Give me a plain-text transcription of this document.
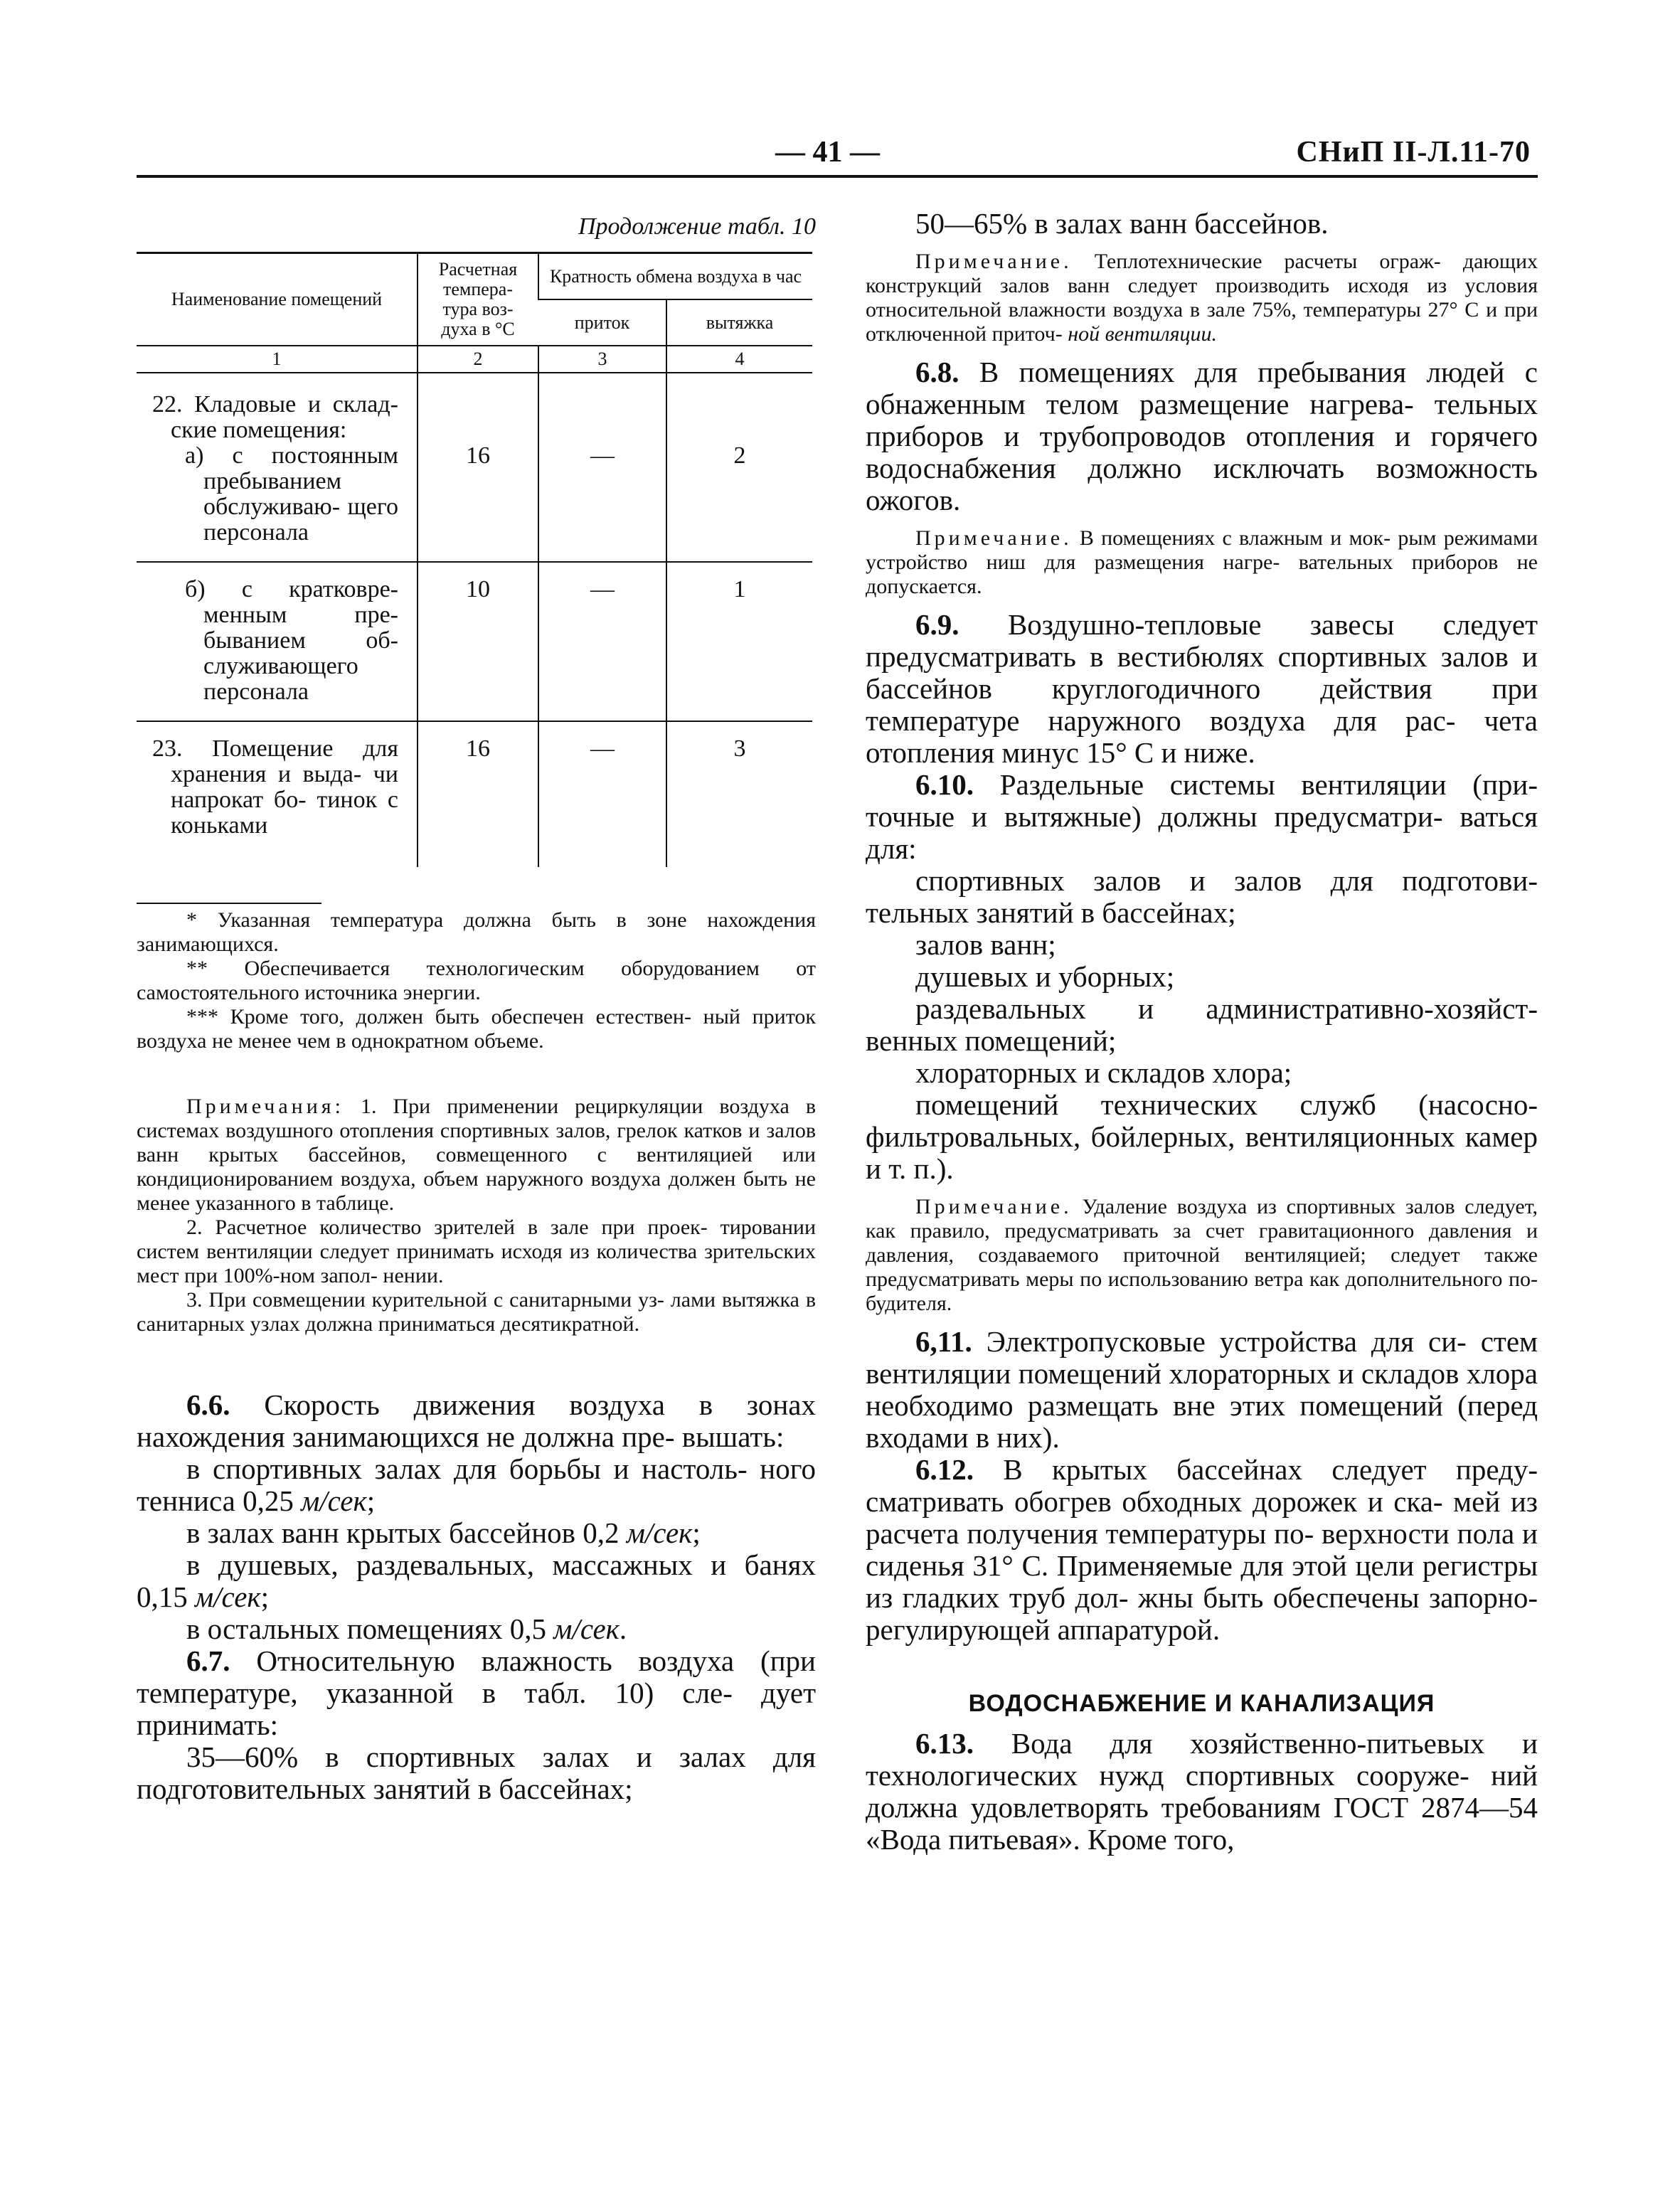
— 41 —	СНиП II-Л.11-70
Продолжение табл. 10
Наименование помещений	Расчетная темпера- тура воз- духа в °C	Кратность обмена воздуха в час	
		приток	вытяжка
1	2	3	4

22. Кладовые и склад- ские помещения:
а) с постоянным пребыванием обслуживаю- щего персонала	16	—	2

б) с кратковре- менным пре- быванием об- служивающего персонала	10	—	1

23. Помещение для хранения и выда- чи напрокат бо- тинок с коньками	16	—	3

* Указанная температура должна быть в зоне нахождения занимающихся.

** Обеспечивается технологическим оборудованием от самостоятельного источника энергии.

*** Кроме того, должен быть обеспечен естествен- ный приток воздуха не менее чем в однократном объеме.

Примечания: 1. При применении рециркуляции воздуха в системах воздушного отопления спортивных залов, грелок катков и залов ванн крытых бассейнов, совмещенного с вентиляцией или кондиционированием воздуха, объем наружного воздуха должен быть не менее указанного в таблице.

2. Расчетное количество зрителей в зале при проек- тировании систем вентиляции следует принимать исходя из количества зрительских мест при 100%-ном запол- нении.

3. При совмещении курительной с санитарными уз- лами вытяжка в санитарных узлах должна приниматься десятикратной.

6.6. Скорость движения воздуха в зонах нахождения занимающихся не должна пре- вышать:

в спортивных залах для борьбы и настоль- ного тенниса 0,25 м/сек;

в залах ванн крытых бассейнов 0,2 м/сек;

в душевых, раздевальных, массажных и банях 0,15 м/сек;

в остальных помещениях 0,5 м/сек.

6.7. Относительную влажность воздуха (при температуре, указанной в табл. 10) сле- дует принимать:

35—60% в спортивных залах и залах для подготовительных занятий в бассейнах;

50—65% в залах ванн бассейнов.

Примечание. Теплотехнические расчеты ограж- дающих конструкций залов ванн следует производить исходя из условия относительной влажности воздуха в зале 75%, температуры 27° С и при отключенной приточ- ной вентиляции.

6.8. В помещениях для пребывания людей с обнаженным телом размещение нагрева- тельных приборов и трубопроводов отопления и горячего водоснабжения должно исключать возможность ожогов.

Примечание. В помещениях с влажным и мок- рым режимами устройство ниш для размещения нагре- вательных приборов не допускается.

6.9. Воздушно-тепловые завесы следует предусматривать в вестибюлях спортивных залов и бассейнов круглогодичного действия при температуре наружного воздуха для рас- чета отопления минус 15° С и ниже.

6.10. Раздельные системы вентиляции (при- точные и вытяжные) должны предусматри- ваться для:

спортивных залов и залов для подготови- тельных занятий в бассейнах;

залов ванн;

душевых и уборных;

раздевальных и административно-хозяйст- венных помещений;

хлораторных и складов хлора;

помещений технических служб (насосно- фильтровальных, бойлерных, вентиляционных камер и т. п.).

Примечание. Удаление воздуха из спортивных залов следует, как правило, предусматривать за счет гравитационного давления и давления, создаваемого приточной вентиляцией; следует также предусматривать меры по использованию ветра как дополнительного по- будителя.

6,11. Электропусковые устройства для си- стем вентиляции помещений хлораторных и складов хлора необходимо размещать вне этих помещений (перед входами в них).

6.12. В крытых бассейнах следует преду- сматривать обогрев обходных дорожек и ска- мей из расчета получения температуры по- верхности пола и сиденья 31° С. Применяемые для этой цели регистры из гладких труб дол- жны быть обеспечены запорно-регулирующей аппаратурой.

ВОДОСНАБЖЕНИЕ И КАНАЛИЗАЦИЯ

6.13. Вода для хозяйственно-питьевых и технологических нужд спортивных сооруже- ний должна удовлетворять требованиям ГОСТ 2874—54 «Вода питьевая». Кроме того,
